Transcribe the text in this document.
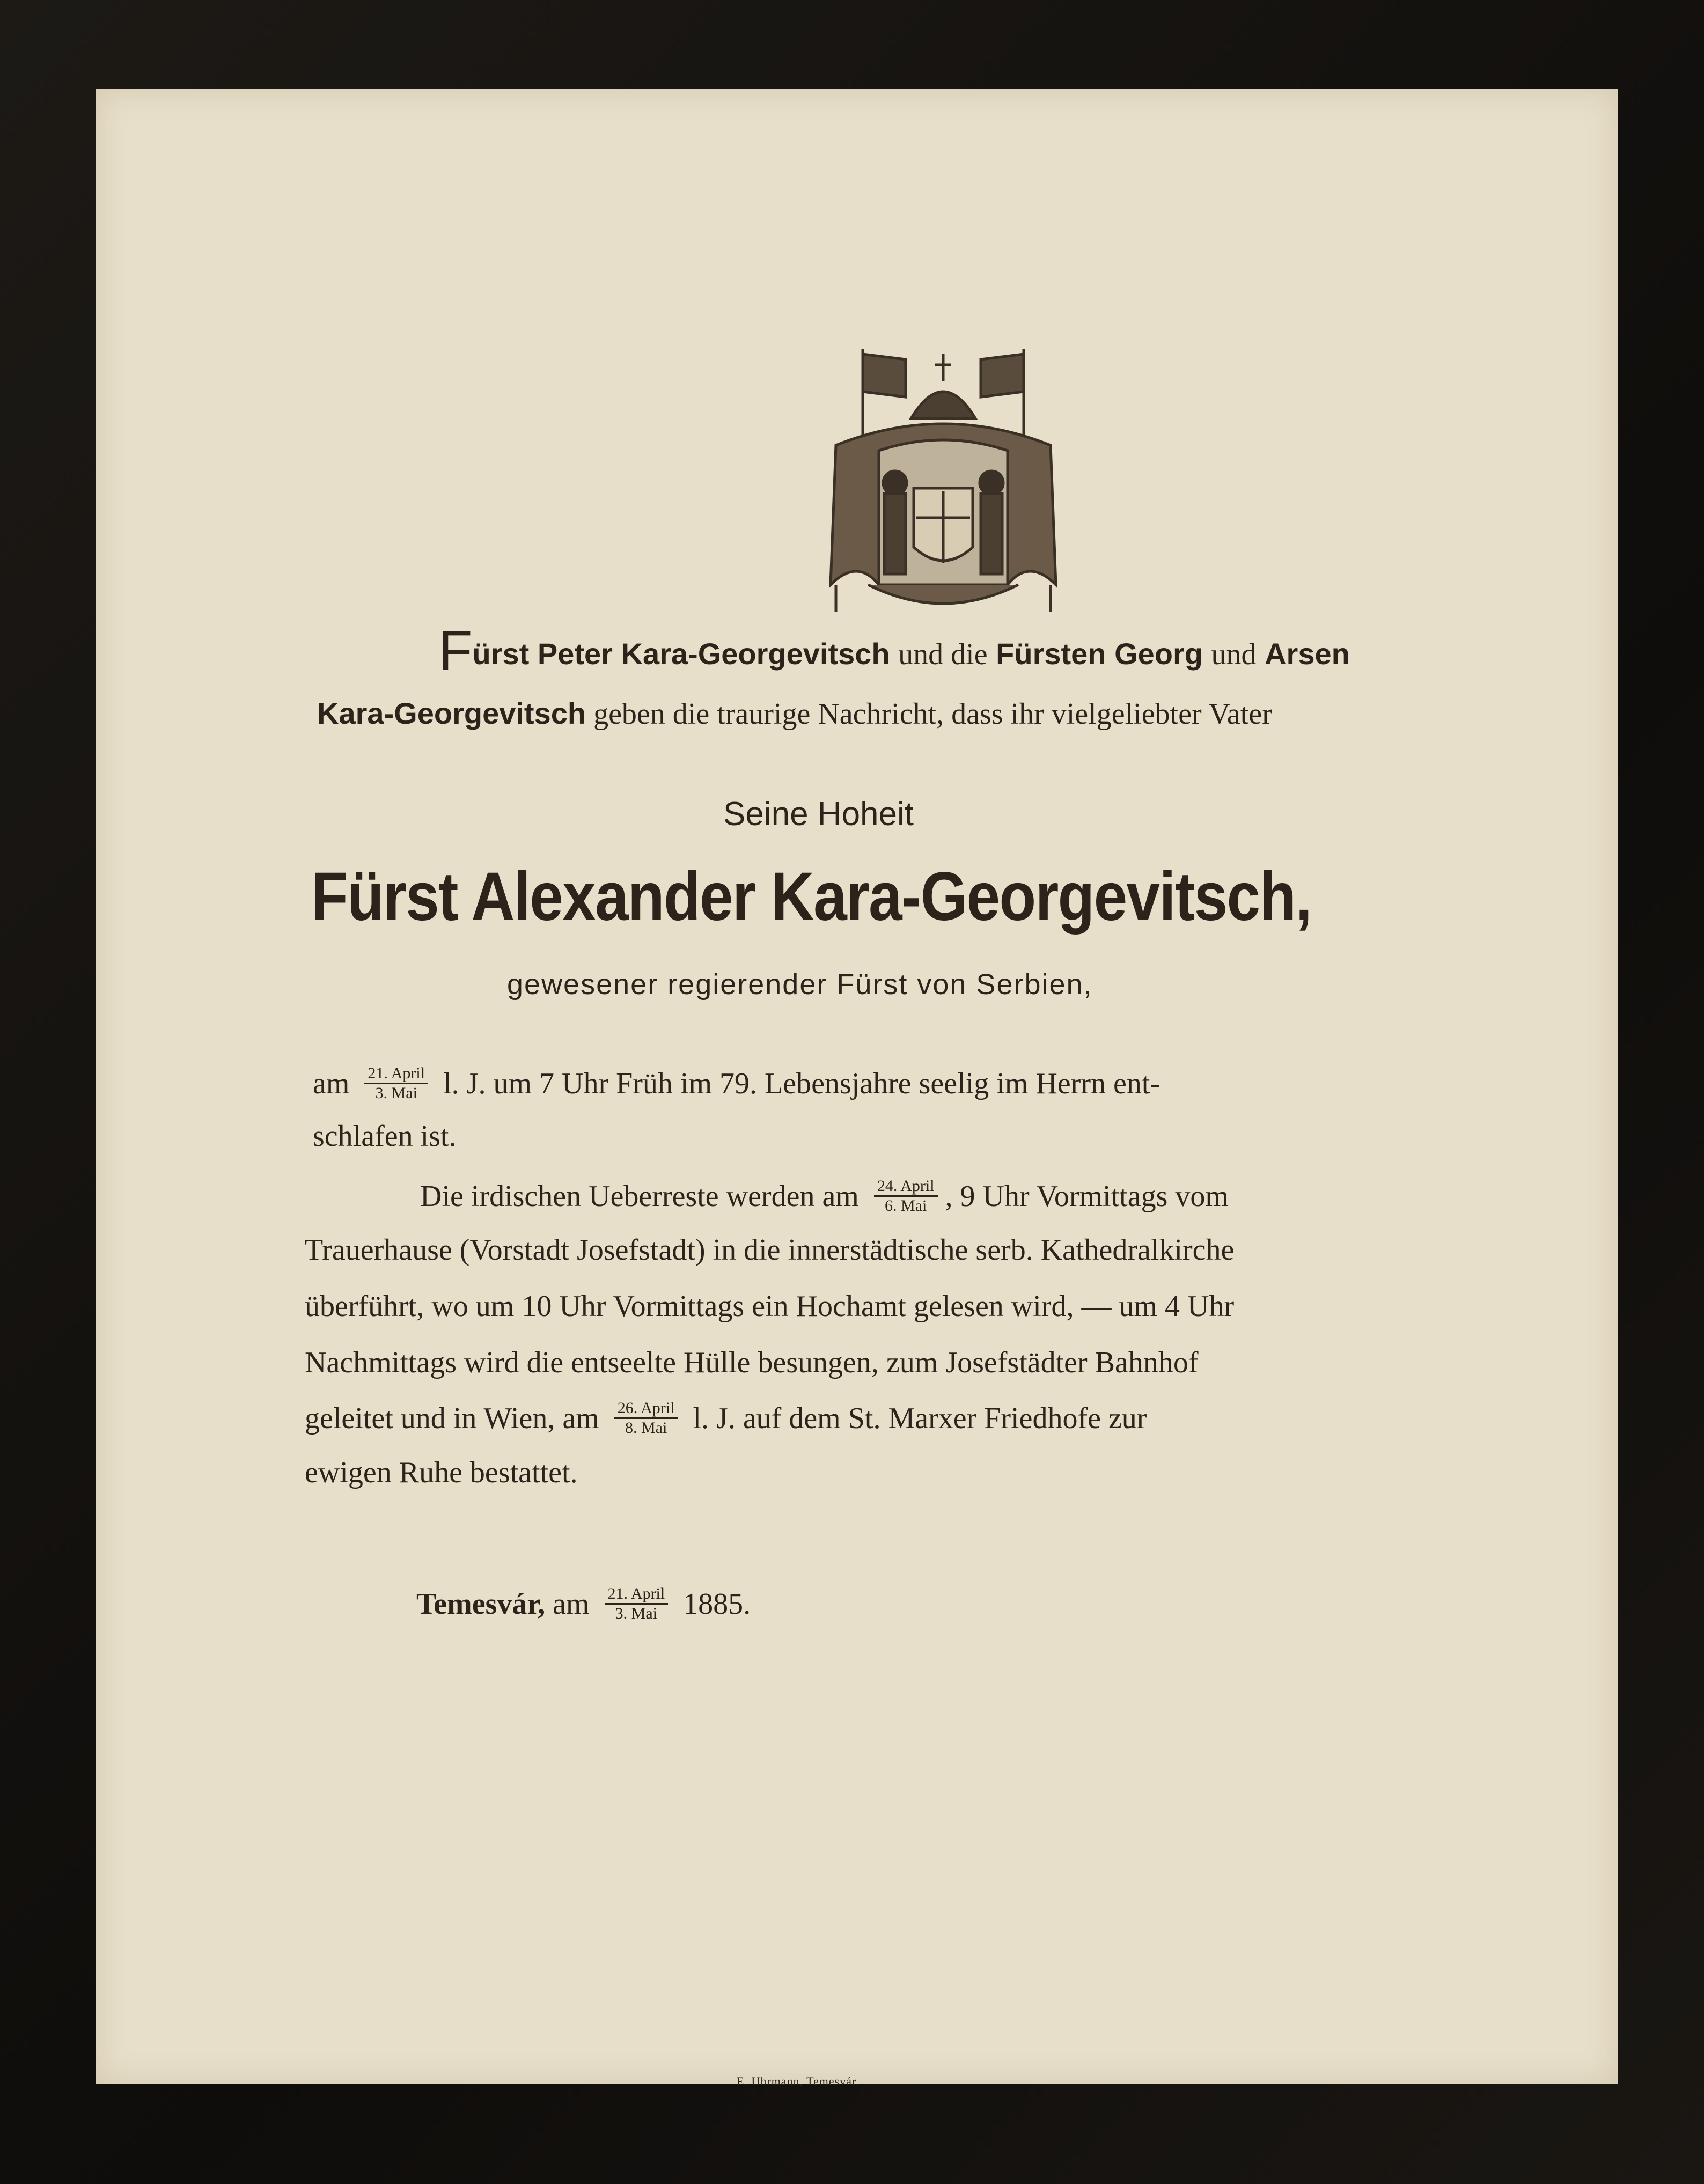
Fürst Peter Kara-Georgevitsch und die Fürsten Georg und Arsen
Kara-Georgevitsch geben die traurige Nachricht, dass ihr vielgeliebter Vater
Seine Hoheit
Fürst Alexander Kara-Georgevitsch,
gewesener regierender Fürst von Serbien,
am $\frac{\text{21. April}}{\text{3. Mai}} l$. J. um 7 Uhr Früh im 79. Lebensjahre seelig im Herrn ent-
schlafen ist.
Die irdischen Ueberreste werden am $\frac{\text{24. April}}{\text{6. Mai}}$ , 9 Uhr Vormittags vom
Trauerhause (Vorstadt Josefstadt) in die innerstädtische serb. Kathedralkirche
überführt, wo um 10 Uhr Vormittags ein Hochamt gelesen wird, — um 4 Uhr
Nachmittags wird die entseelte Hülle besungen, zum Josefstädter Bahnhof
geleitet und in Wien, am $\frac{\text{26. April}}{\text{8. Mai}} l$. J. auf dem St. Marxer Friedhofe zur
ewigen Ruhe bestattet.
Temesvár, am $\frac{\text{21. April}}{\text{3. Mai}} 1885$.
E. Uhrmann, Temesvár.
